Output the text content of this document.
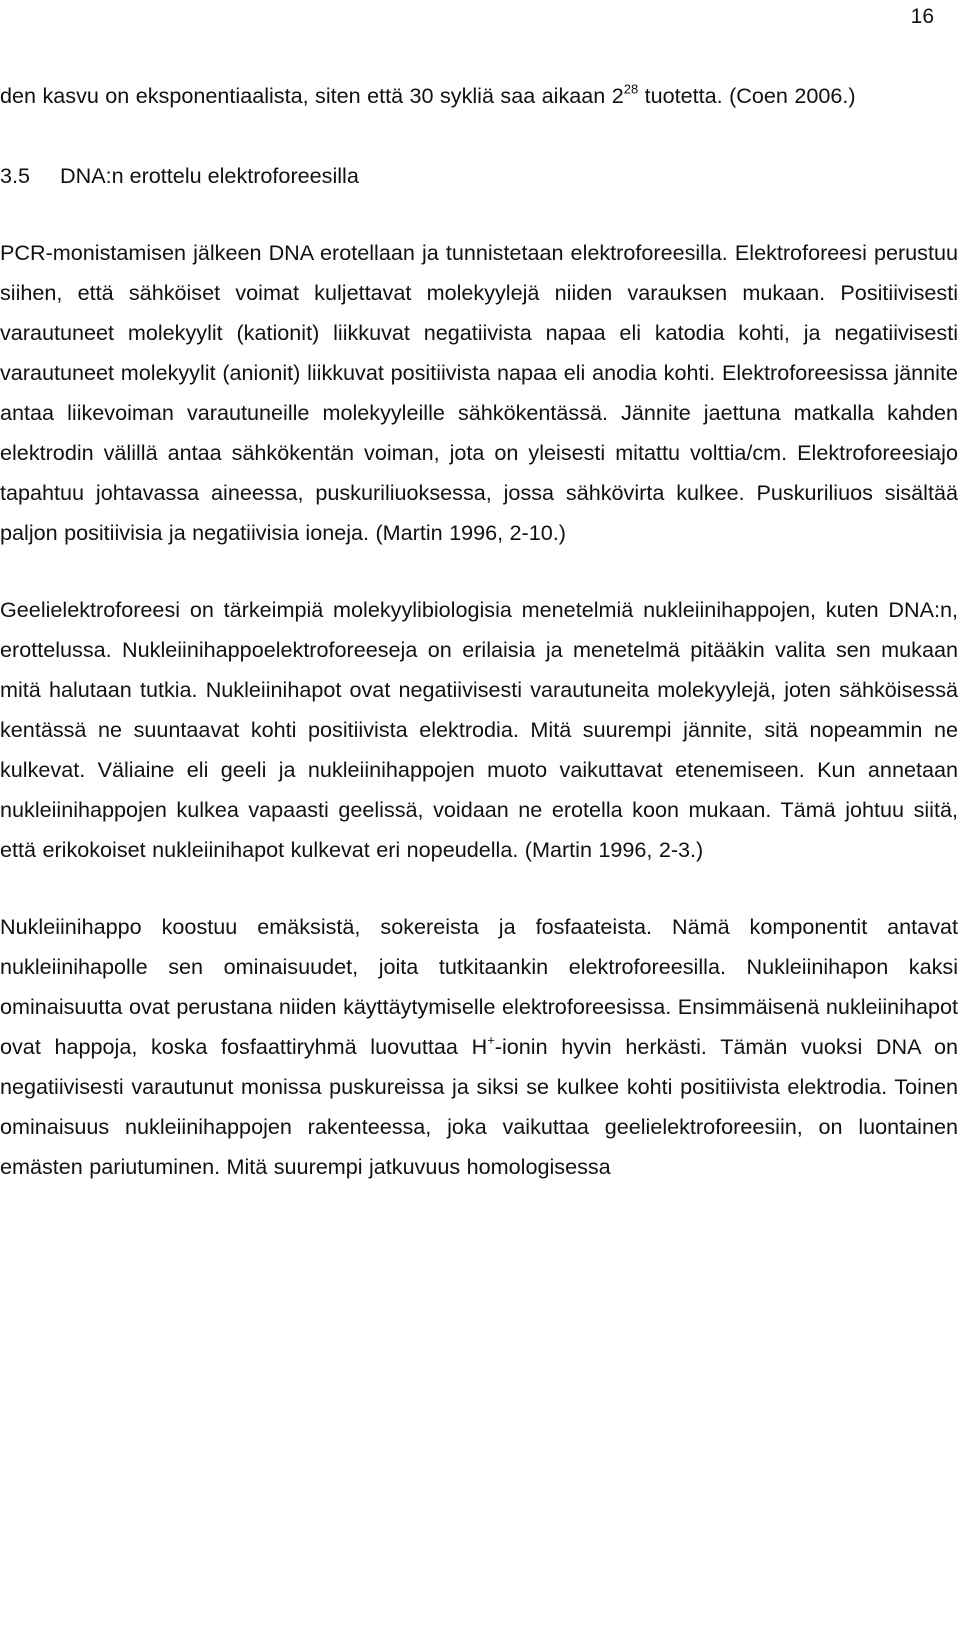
16

den kasvu on eksponentiaalista, siten että 30 sykliä saa aikaan $2^{28}$ tuotetta. (Coen 2006.)

3.5 DNA:n erottelu elektroforeesilla

PCR-monistamisen jälkeen DNA erotellaan ja tunnistetaan elektroforeesilla. Elektroforeesi perustuu siihen, että sähköiset voimat kuljettavat molekyylejä niiden varauksen mukaan. Positiivisesti varautuneet molekyylit (kationit) liikkuvat negatiivista napaa eli katodia kohti, ja negatiivisesti varautuneet molekyylit (anionit) liikkuvat positiivista napaa eli anodia kohti. Elektroforeesissa jännite antaa liikevoiman varautuneille molekyyleille sähkökentässä. Jännite jaettuna matkalla kahden elektrodin välillä antaa sähkökentän voiman, jota on yleisesti mitattu volttia/cm. Elektroforeesiajo tapahtuu johtavassa aineessa, puskuriliuoksessa, jossa sähkövirta kulkee. Puskuriliuos sisältää paljon positiivisia ja negatiivisia ioneja. (Martin 1996, 2-10.)

Geelielektroforeesi on tärkeimpiä molekyylibiologisia menetelmiä nukleiinihappojen, kuten DNA:n, erottelussa. Nukleiinihappoelektroforeeseja on erilaisia ja menetelmä pitääkin valita sen mukaan mitä halutaan tutkia. Nukleiinihapot ovat negatiivisesti varautuneita molekyylejä, joten sähköisessä kentässä ne suuntaavat kohti positiivista elektrodia. Mitä suurempi jännite, sitä nopeammin ne kulkevat. Väliaine eli geeli ja nukleiinihappojen muoto vaikuttavat etenemiseen. Kun annetaan nukleiinihappojen kulkea vapaasti geelissä, voidaan ne erotella koon mukaan. Tämä johtuu siitä, että erikokoiset nukleiinihapot kulkevat eri nopeudella. (Martin 1996, 2-3.)

Nukleiinihappo koostuu emäksistä, sokereista ja fosfaateista. Nämä komponentit antavat nukleiinihapolle sen ominaisuudet, joita tutkitaankin elektroforeesilla. Nukleiinihapon kaksi ominaisuutta ovat perustana niiden käyttäytymiselle elektroforeesissa. Ensimmäisenä nukleiinihapot ovat happoja, koska fosfaattiryhmä luovuttaa H+-ionin hyvin herkästi. Tämän vuoksi DNA on negatiivisesti varautunut monissa puskureissa ja siksi se kulkee kohti positiivista elektrodia. Toinen ominaisuus nukleiinihappojen rakenteessa, joka vaikuttaa geelielektroforeesiin, on luontainen emästen pariutuminen. Mitä suurempi jatkuvuus homologisessa
